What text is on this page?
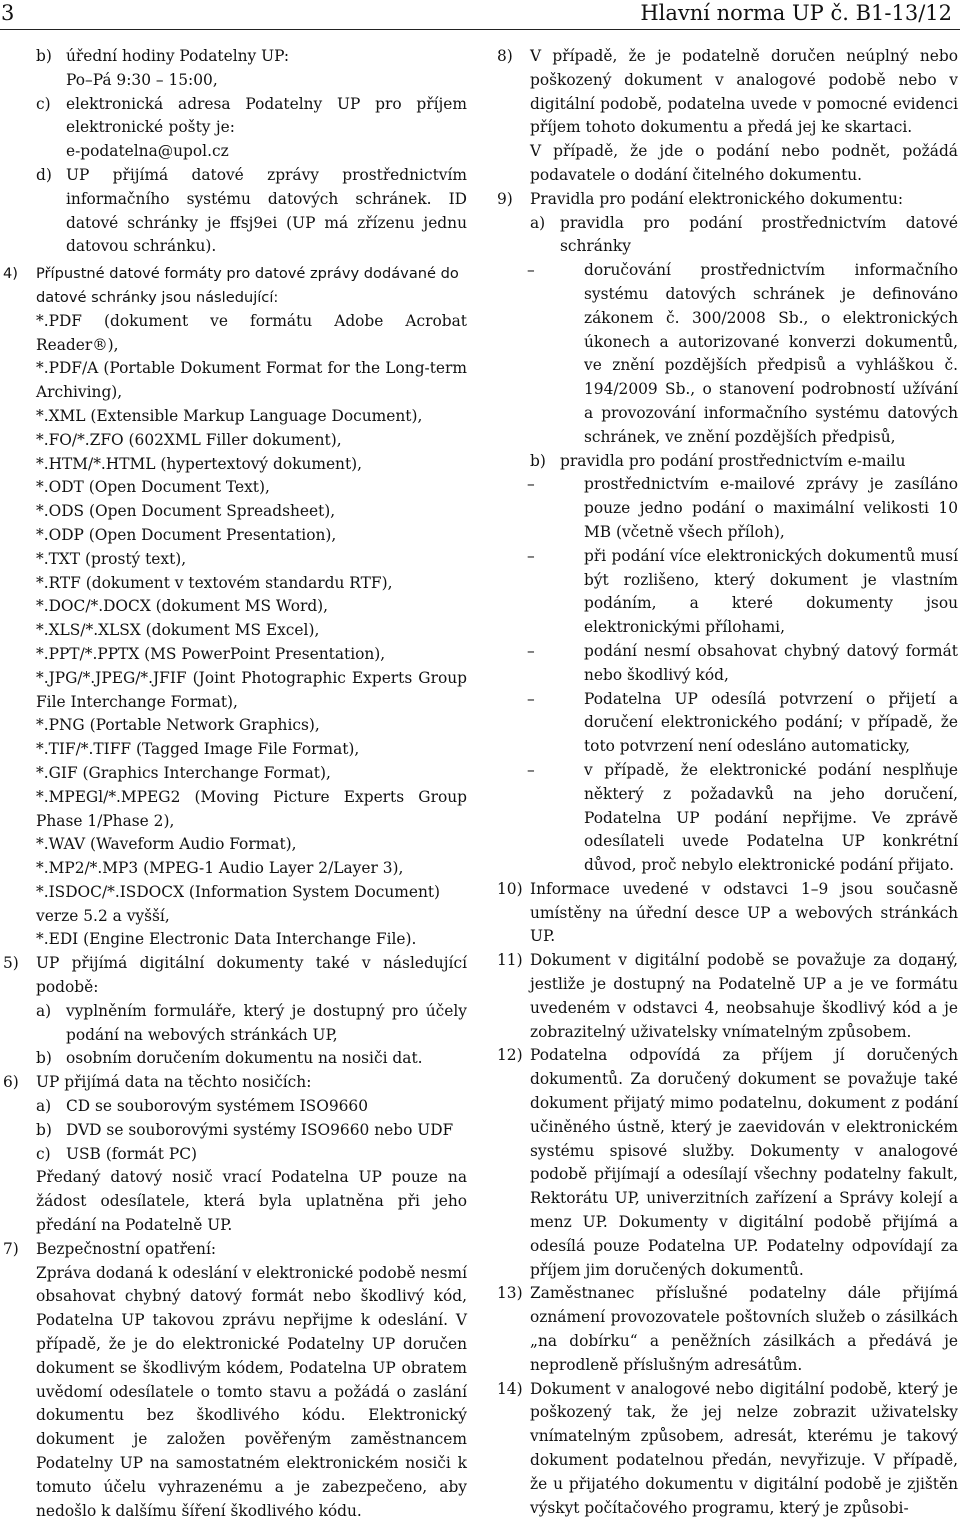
3	Hlavní norma UP č. B1-13/12
b) úřední hodiny Podatelny UP:
Po–Pá 9:30 – 15:00,
c) elektronická adresa Podatelny UP pro příjem elektronické pošty je:
e-podatelna@upol.cz
d) UP přijímá datové zprávy prostřednictvím informačního systému datových schránek. ID datové schránky je ffsj9ei (UP má zřízenu jednu datovou schránku).
4) Přípustné datové formáty pro datové zprávy dodávané do datové schránky jsou následující:
*.PDF (dokument ve formátu Adobe Acrobat Reader®),
*.PDF/A (Portable Dokument Format for the Long-term Archiving),
*.XML (Extensible Markup Language Document),
*.FO/*.ZFO (602XML Filler dokument),
*.HTM/*.HTML (hypertextový dokument),
*.ODT (Open Document Text),
*.ODS (Open Document Spreadsheet),
*.ODP (Open Document Presentation),
*.TXT (prostý text),
*.RTF (dokument v textovém standardu RTF),
*.DOC/*.DOCX (dokument MS Word),
*.XLS/*.XLSX (dokument MS Excel),
*.PPT/*.PPTX (MS PowerPoint Presentation),
*.JPG/*.JPEG/*.JFIF (Joint Photographic Experts Group File Interchange Format),
*.PNG (Portable Network Graphics),
*.TIF/*.TIFF (Tagged Image File Format),
*.GIF (Graphics Interchange Format),
*.MPEGl/*.MPEG2 (Moving Picture Experts Group Phase 1/Phase 2),
*.WAV (Waveform Audio Format),
*.MP2/*.MP3 (MPEG-1 Audio Layer 2/Layer 3),
*.ISDOC/*.ISDOCX (Information System Document) verze 5.2 a vyšší,
*.EDI (Engine Electronic Data Interchange File).
5) UP přijímá digitální dokumenty také v následující podobě:
a) vyplněním formuláře, který je dostupný pro účely podání na webových stránkách UP,
b) osobním doručením dokumentu na nosiči dat.
6) UP přijímá data na těchto nosičích:
a) CD se souborovým systémem ISO9660
b) DVD se souborovými systémy ISO9660 nebo UDF
c) USB (formát PC)
Předaný datový nosič vrací Podatelna UP pouze na žádost odesílatele, která byla uplatněna při jeho předání na Podatelně UP.
7) Bezpečnostní opatření:
Zpráva dodaná k odeslání v elektronické podobě nesmí obsahovat chybný datový formát nebo škodlivý kód, Podatelna UP takovou zprávu nepřijme k odeslání. V případě, že je do elektronické Podatelny UP doručen dokument se škodlivým kódem, Podatelna UP obratem uvědomí odesílatele o tomto stavu a požádá o zaslání dokumentu bez škodlivého kódu. Elektronický dokument je založen pověřeným zaměstnancem Podatelny UP na samostatném elektronickém nosiči k tomuto účelu vyhrazenému a je zabezpečeno, aby nedošlo k dalšímu šíření škodlivého kódu.
8) V případě, že je podatelně doručen neúplný nebo poškozený dokument v analogové podobě nebo v digitální podobě, podatelna uvede v pomocné evidenci příjem tohoto dokumentu a předá jej ke skartaci.
V případě, že jde o podání nebo podnět, požádá podavatele o dodání čitelného dokumentu.
9) Pravidla pro podání elektronického dokumentu:
a) pravidla pro podání prostřednictvím datové schránky
–	doručování prostřednictvím informačního systému datových schránek je definováno zákonem č. 300/2008 Sb., o elektronických úkonech a autorizované konverzi dokumentů, ve znění pozdějších předpisů a vyhláškou č. 194/2009 Sb., o stanovení podrobností užívání a provozování informačního systému datových schránek, ve znění pozdějších předpisů,
b) pravidla pro podání prostřednictvím e-mailu
–	prostřednictvím e-mailové zprávy je zasíláno pouze jedno podání o maximální velikosti 10 MB (včetně všech příloh),
–	při podání více elektronických dokumentů musí být rozlišeno, který dokument je vlastním podáním, a které dokumenty jsou elektronickými přílohami,
–	podání nesmí obsahovat chybný datový formát nebo škodlivý kód,
–	Podatelna UP odesílá potvrzení o přijetí a doručení elektronického podání; v případě, že toto potvrzení není odesláno automaticky,
–	v případě, že elektronické podání nesplňuje některý z požadavků na jeho doručení, Podatelna UP podání nepřijme. Ve zprávě odesílateli uvede Podatelna UP konkrétní důvod, proč nebylo elektronické podání přijato.
10) Informace uvedené v odstavci 1–9 jsou současně umístěny na úřední desce UP a webových stránkách UP.
11) Dokument v digitální podobě se považuje za doданý, jestliže je dostupný na Podatelně UP a je ve formátu uvedeném v odstavci 4, neobsahuje škodlivý kód a je zobrazitelný uživatelsky vnímatelným způsobem.
12) Podatelna odpovídá za příjem jí doručených dokumentů. Za doručený dokument se považuje také dokument přijatý mimo podatelnu, dokument z podání učiněného ústně, který je zaevidován v elektronickém systému spisové služby. Dokumenty v analogové podobě přijímají a odesílají všechny podatelny fakult, Rektorátu UP, univerzitních zařízení a Správy kolejí a menz UP. Dokumenty v digitální podobě přijímá a odesílá pouze Podatelna UP. Podatelny odpovídají za příjem jim doručených dokumentů.
13) Zaměstnanec příslušné podatelny dále přijímá oznámení provozovatele poštovních služeb o zásilkách „na dobírku“ a peněžních zásilkách a předává je neprodleně příslušným adresátům.
14) Dokument v analogové nebo digitální podobě, který je poškozený tak, že jej nelze zobrazit uživatelsky vnímatelným způsobem, adresát, kterému je takový dokument podatelnou předán, nevyřizuje. V případě, že u přijatého dokumentu v digitální podobě je zjištěn výskyt počítačového programu, který je způsobi-
